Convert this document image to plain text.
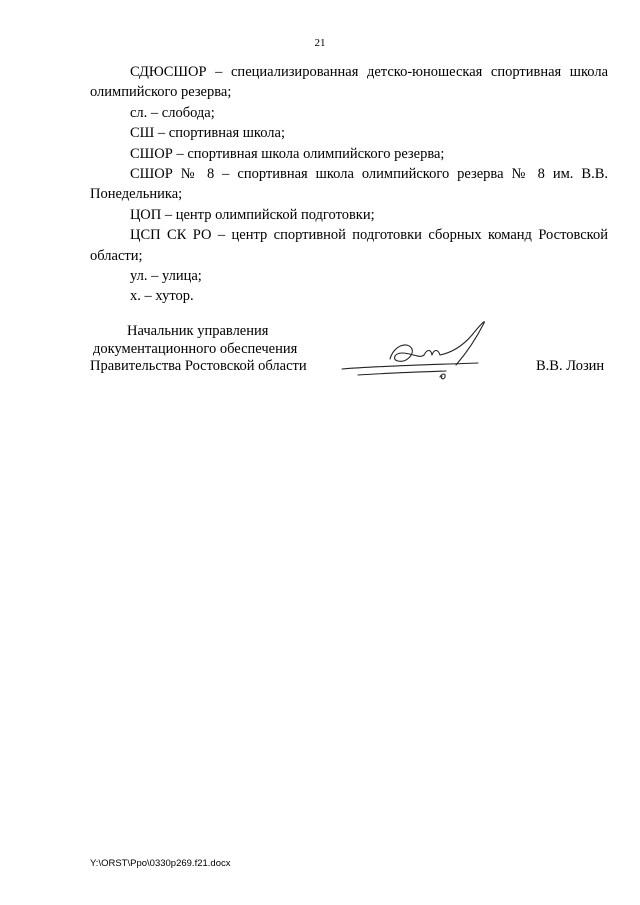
21

СДЮСШОР – специализированная детско-юношеская спортивная школа олимпийского резерва;

сл. – слобода;

СШ – спортивная школа;

СШОР – спортивная школа олимпийского резерва;

СШОР № 8 – спортивная школа олимпийского резерва № 8 им. В.В. Понедельника;

ЦОП – центр олимпийской подготовки;

ЦСП СК РО – центр спортивной подготовки сборных команд Ростовской области;

ул. – улица;

х. – хутор.

Начальник управления
документационного обеспечения
Правительства Ростовской области	В.В. Лозин
Y:\ORST\Ppo\0330p269.f21.docx
